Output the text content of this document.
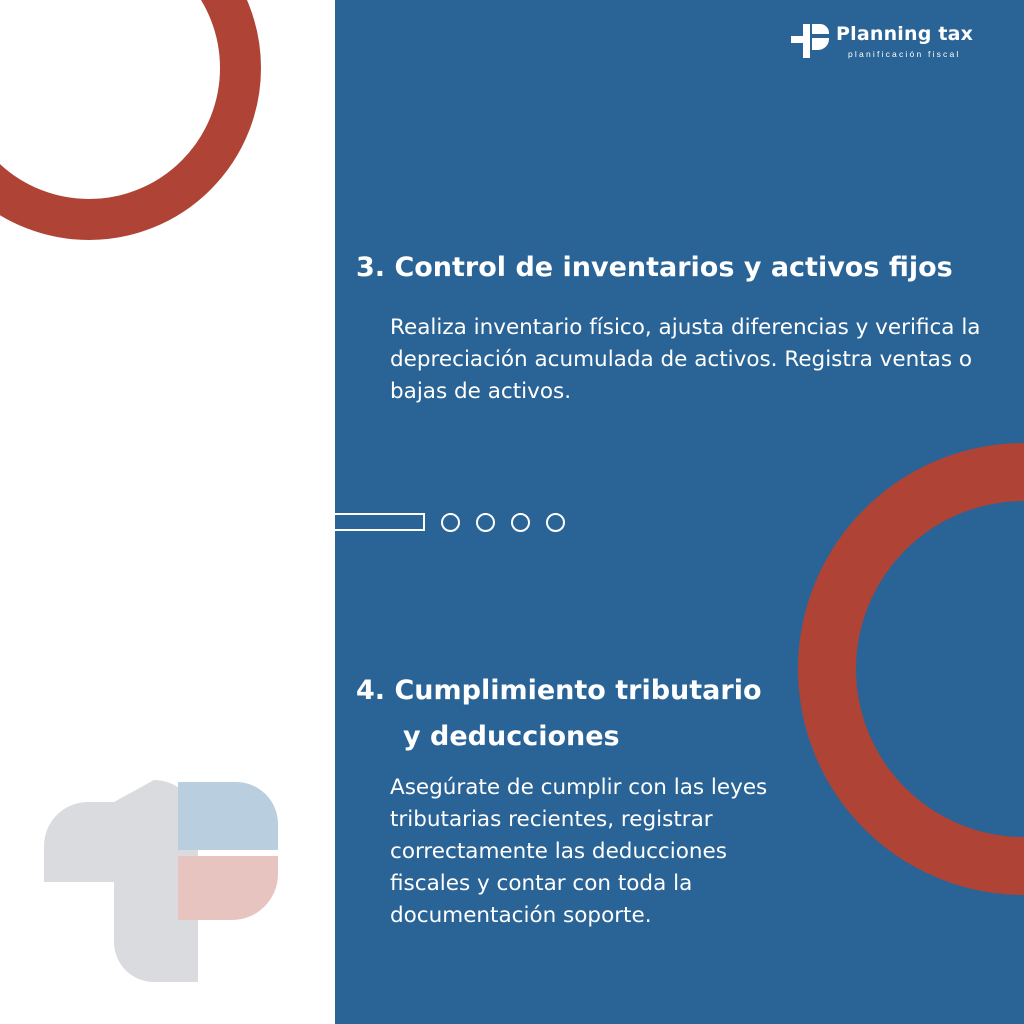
Planning tax
planificación fiscal
3. Control de inventarios y activos fijos

Realiza inventario físico, ajusta diferencias y verifica la depreciación acumulada de activos. Registra ventas o bajas de activos.

4. Cumplimiento tributario
y deducciones

Asegúrate de cumplir con las leyes tributarias recientes, registrar correctamente las deducciones fiscales y contar con toda la documentación soporte.
